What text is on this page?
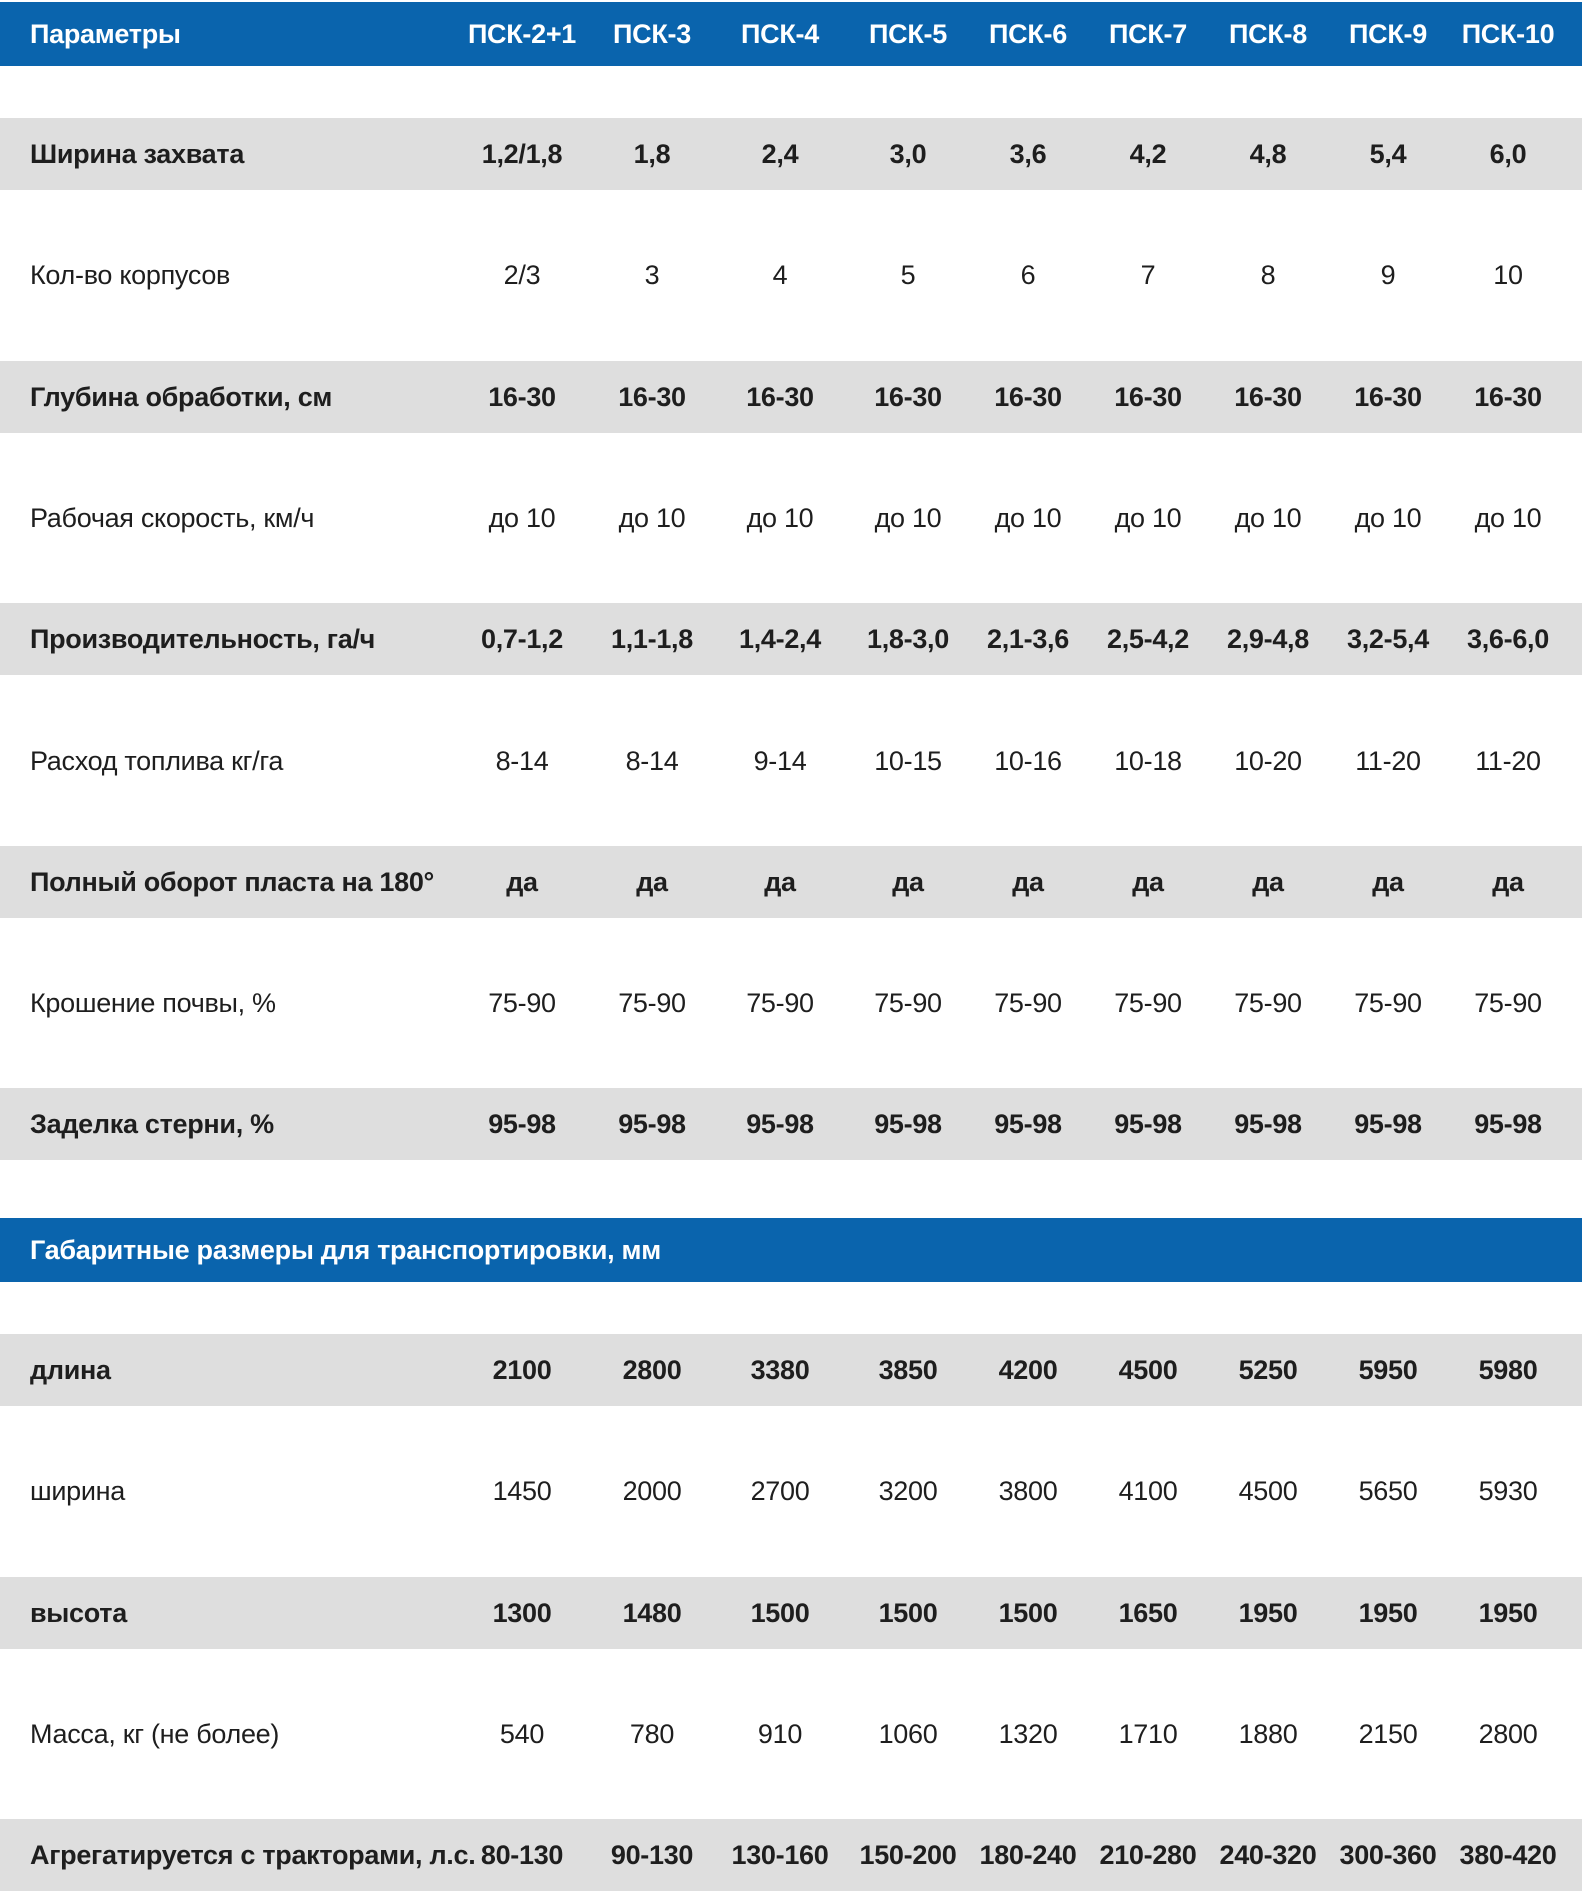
Параметры	ПСК-2+1	ПСК-3	ПСК-4	ПСК-5	ПСК-6	ПСК-7	ПСК-8	ПСК-9	ПСК-10
Ширина захвата	1,2/1,8	1,8	2,4	3,0	3,6	4,2	4,8	5,4	6,0
Кол-во корпусов	2/3	3	4	5	6	7	8	9	10
Глубина обработки, см	16-30	16-30	16-30	16-30	16-30	16-30	16-30	16-30	16-30
Рабочая скорость, км/ч	до 10	до 10	до 10	до 10	до 10	до 10	до 10	до 10	до 10
Производительность, га/ч	0,7-1,2	1,1-1,8	1,4-2,4	1,8-3,0	2,1-3,6	2,5-4,2	2,9-4,8	3,2-5,4	3,6-6,0
Расход топлива кг/га	8-14	8-14	9-14	10-15	10-16	10-18	10-20	11-20	11-20
Полный оборот пласта на 180°	да	да	да	да	да	да	да	да	да
Крошение почвы, %	75-90	75-90	75-90	75-90	75-90	75-90	75-90	75-90	75-90
Заделка стерни, %	95-98	95-98	95-98	95-98	95-98	95-98	95-98	95-98	95-98
Габаритные размеры для транспортировки, мм
длина	2100	2800	3380	3850	4200	4500	5250	5950	5980
ширина	1450	2000	2700	3200	3800	4100	4500	5650	5930
высота	1300	1480	1500	1500	1500	1650	1950	1950	1950
Масса, кг (не более)	540	780	910	1060	1320	1710	1880	2150	2800
Агрегатируется с тракторами, л.с. 80-130	90-130	130-160	150-200 180-240 210-280 240-320 300-360 380-420
